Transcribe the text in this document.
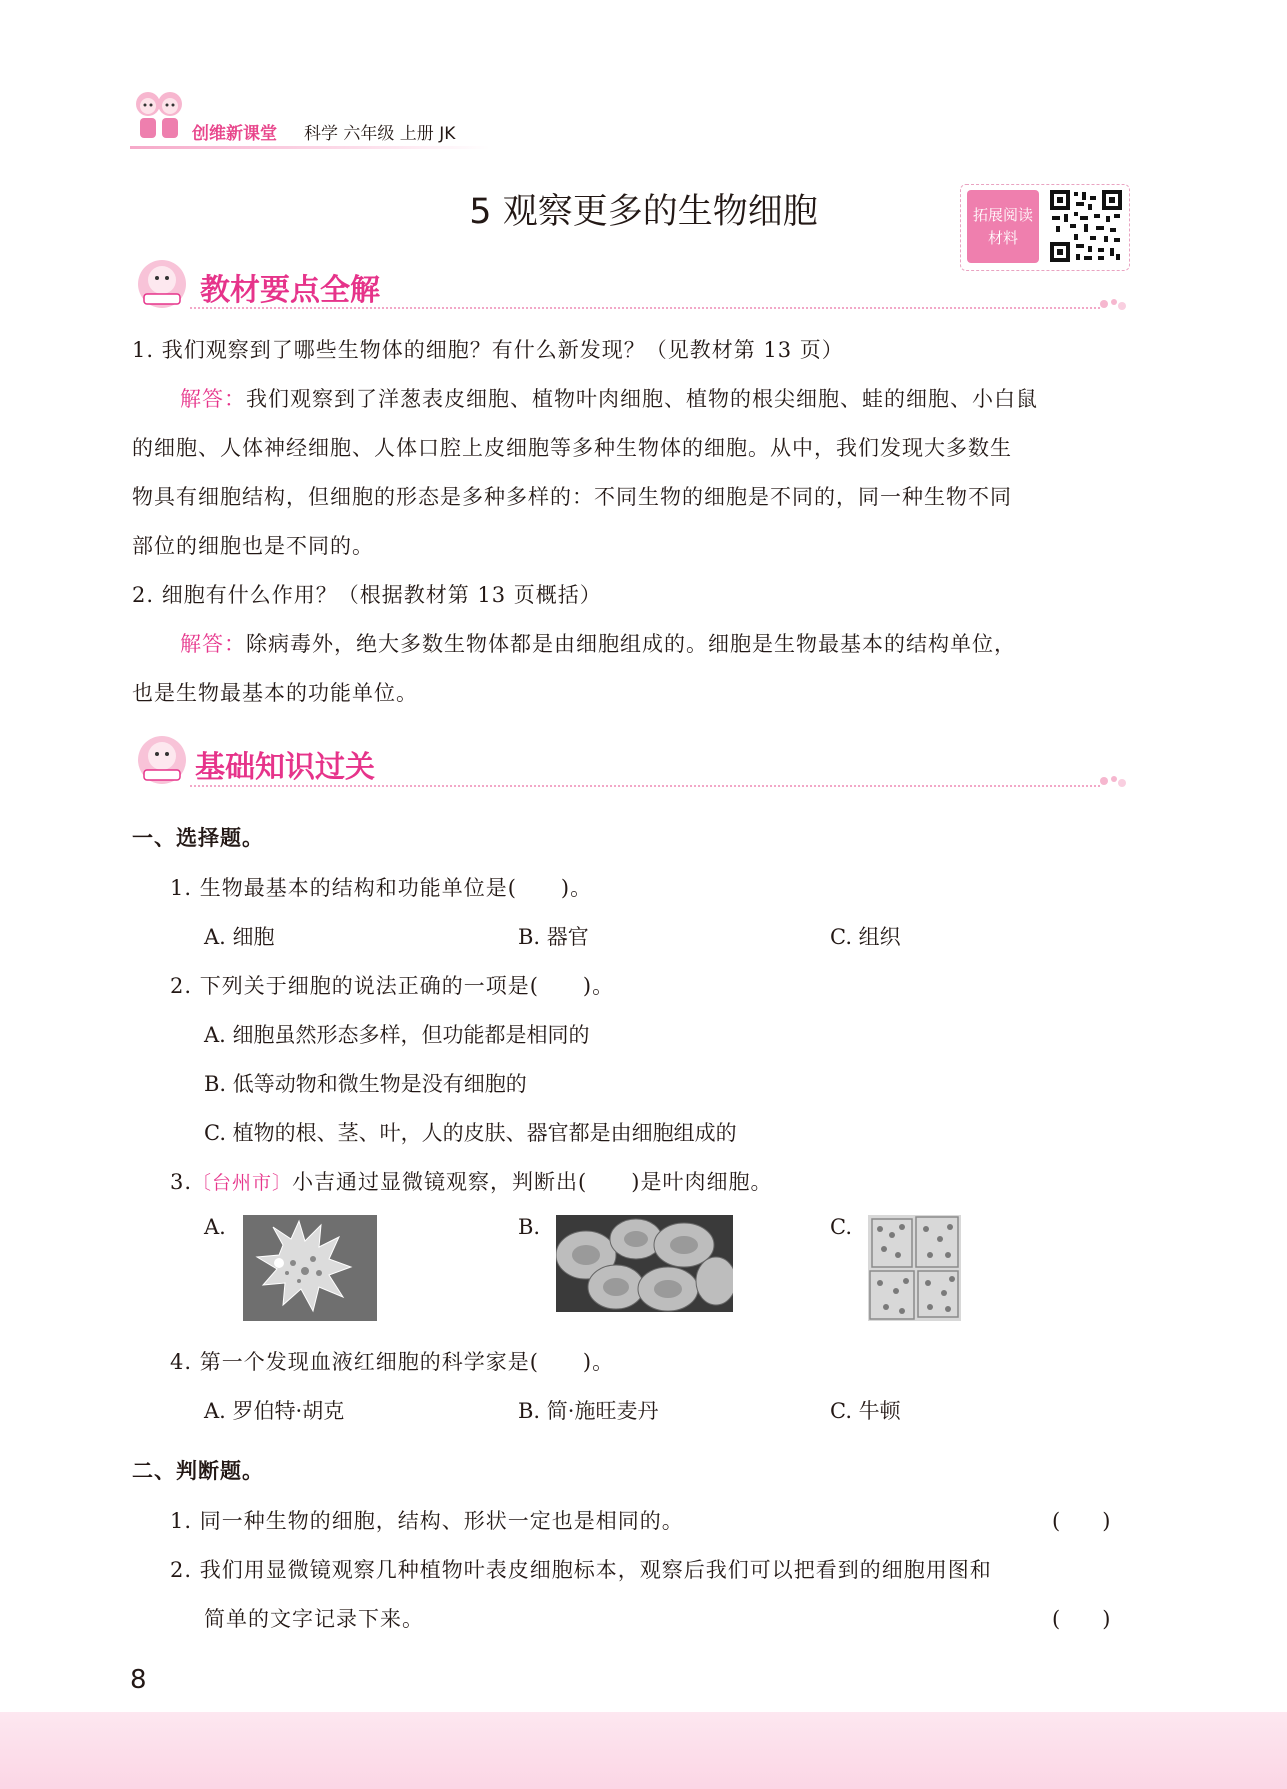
创维新课堂 科学 六年级 上册 JK
5 观察更多的生物细胞	拓展阅读
材料
教材要点全解
1. 我们观察到了哪些生物体的细胞？有什么新发现？（见教材第 13 页）
解答：我们观察到了洋葱表皮细胞、植物叶肉细胞、植物的根尖细胞、蛙的细胞、小白鼠
的细胞、人体神经细胞、人体口腔上皮细胞等多种生物体的细胞。从中，我们发现大多数生
物具有细胞结构，但细胞的形态是多种多样的：不同生物的细胞是不同的，同一种生物不同
部位的细胞也是不同的。
2. 细胞有什么作用？（根据教材第 13 页概括）
解答：除病毒外，绝大多数生物体都是由细胞组成的。细胞是生物最基本的结构单位，
也是生物最基本的功能单位。
基础知识过关
一、选择题。
1. 生物最基本的结构和功能单位是(　　)。
A. 细胞	B. 器官	C. 组织
2. 下列关于细胞的说法正确的一项是(　　)。
A. 细胞虽然形态多样，但功能都是相同的
B. 低等动物和微生物是没有细胞的
C. 植物的根、茎、叶，人的皮肤、器官都是由细胞组成的
3.〔台州市〕小吉通过显微镜观察，判断出(　　)是叶肉细胞。
A.	B.	C.
4. 第一个发现血液红细胞的科学家是(　　)。
A. 罗伯特·胡克	B. 简·施旺麦丹	C. 牛顿
二、判断题。
1. 同一种生物的细胞，结构、形状一定也是相同的。	(　　)
2. 我们用显微镜观察几种植物叶表皮细胞标本，观察后我们可以把看到的细胞用图和
简单的文字记录下来。	(　　)
8
